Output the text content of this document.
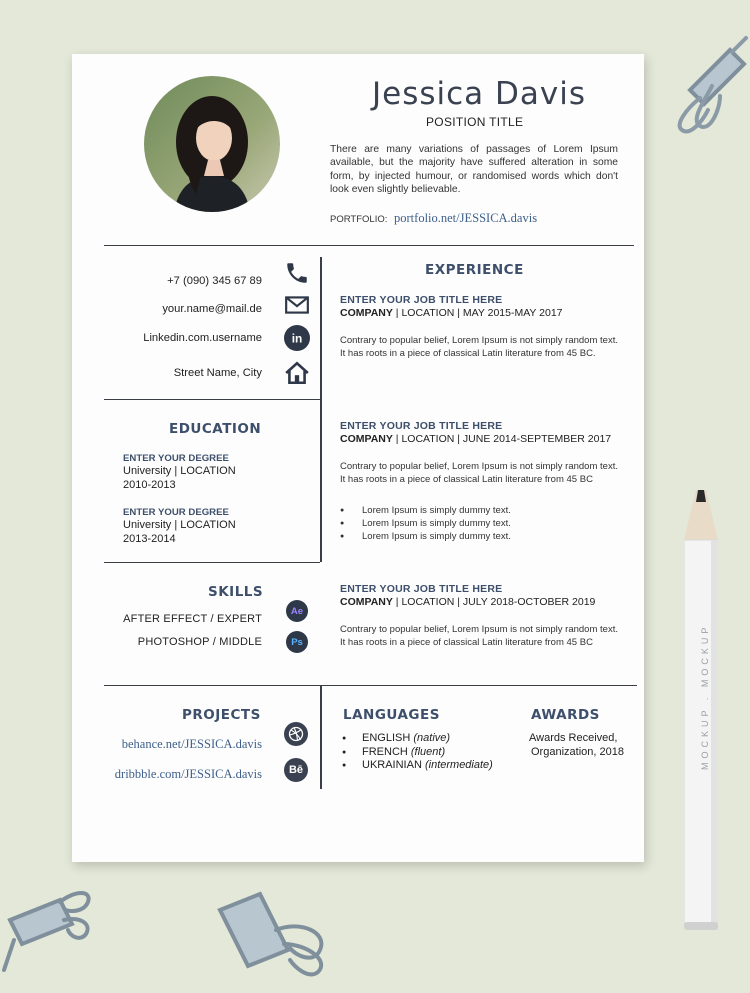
MOCKUP . MOCKUP
Jessica Davis
POSITION TITLE
There are many variations of passages of Lorem Ipsum available, but the majority have suffered alteration in some form, by injected humour, or randomised words which don't look even slightly believable.
PORTFOLIO: portfolio.net/JESSICA.davis
+7 (090) 345 67 89
your.name@mail.de
Linkedin.com.username
Street Name, City
in
EDUCATION
ENTER YOUR DEGREE
University | LOCATION
2010-2013
ENTER YOUR DEGREE
University | LOCATION
2013-2014
SKILLS
AFTER EFFECT / EXPERT
Ae
PHOTOSHOP / MIDDLE	Ps
PROJECTS
behance.net/JESSICA.davis
dribbble.com/JESSICA.davis Bē
EXPERIENCE
ENTER YOUR JOB TITLE HERE
COMPANY | LOCATION | MAY 2015-MAY 2017
Contrary to popular belief, Lorem Ipsum is not simply random text. It has roots in a piece of classical Latin literature from 45 BC.
ENTER YOUR JOB TITLE HERE
COMPANY | LOCATION | JUNE 2014-SEPTEMBER 2017
Contrary to popular belief, Lorem Ipsum is not simply random text. It has roots in a piece of classical Latin literature from 45 BC
● Lorem Ipsum is simply dummy text.
● Lorem Ipsum is simply dummy text.
● Lorem Ipsum is simply dummy text.
ENTER YOUR JOB TITLE HERE
COMPANY | LOCATION | JULY 2018-OCTOBER 2019
Contrary to popular belief, Lorem Ipsum is not simply random text. It has roots in a piece of classical Latin literature from 45 BC
LANGUAGES
● ENGLISH (native)
● FRENCH (fluent)
● UKRAINIAN (intermediate)
AWARDS
Awards Received,
Organization, 2018
